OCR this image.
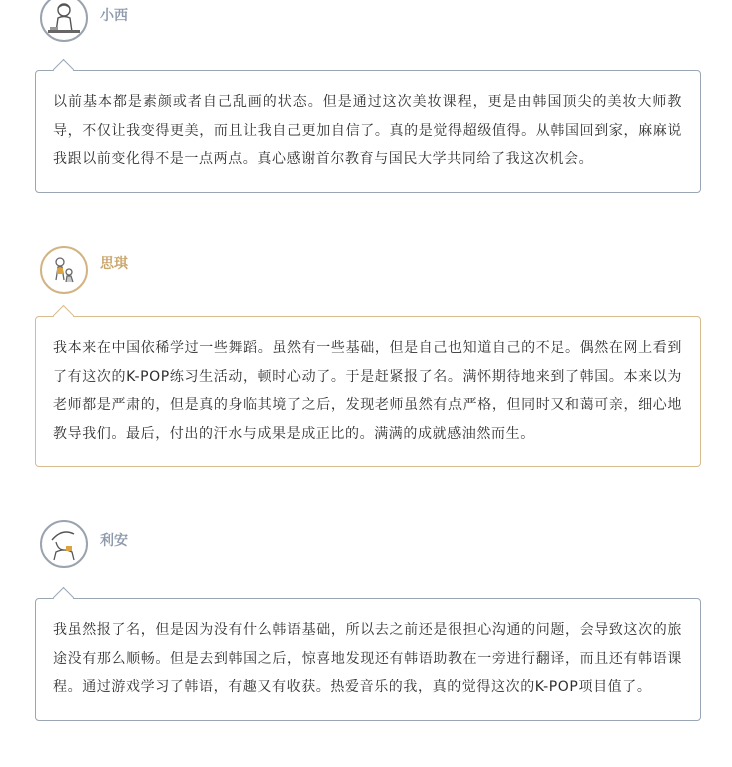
小西

以前基本都是素颜或者自己乱画的状态。但是通过这次美妆课程，更是由韩国顶尖的美妆大师教导，不仅让我变得更美，而且让我自己更加自信了。真的是觉得超级值得。从韩国回到家，麻麻说我跟以前变化得不是一点两点。真心感谢首尔教育与国民大学共同给了我这次机会。

思琪

我本来在中国依稀学过一些舞蹈。虽然有一些基础，但是自己也知道自己的不足。偶然在网上看到了有这次的K-POP练习生活动，顿时心动了。于是赶紧报了名。满怀期待地来到了韩国。本来以为老师都是严肃的，但是真的身临其境了之后，发现老师虽然有点严格，但同时又和蔼可亲，细心地教导我们。最后，付出的汗水与成果是成正比的。满满的成就感油然而生。

利安

我虽然报了名，但是因为没有什么韩语基础，所以去之前还是很担心沟通的问题，会导致这次的旅途没有那么顺畅。但是去到韩国之后，惊喜地发现还有韩语助教在一旁进行翻译，而且还有韩语课程。通过游戏学习了韩语，有趣又有收获。热爱音乐的我，真的觉得这次的K-POP项目值了。
